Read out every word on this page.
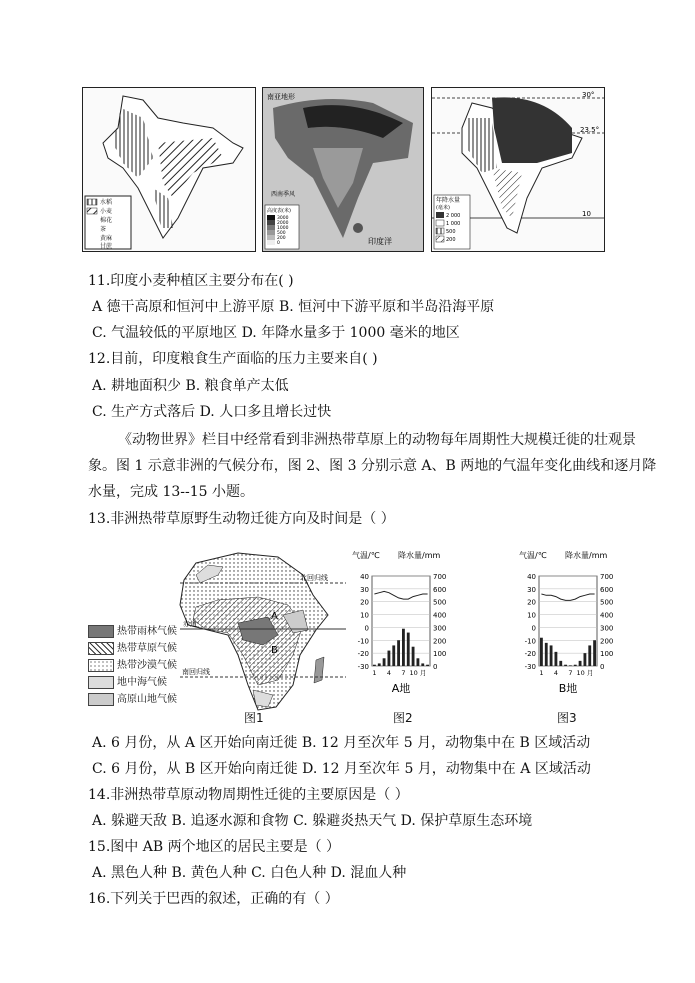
水稻
小麦
棉花
茶
黄麻
甘蔗
南亚地形
西南季风
印度洋
高度表(米)
3000
2000
1000
500
200
0
30°
23.5°
10
年降水量
(毫米)
2 000
1 000
500
200
11.印度小麦种植区主要分布在( )
A 德干高原和恒河中上游平原 B. 恒河中下游平原和半岛沿海平原
C. 气温较低的平原地区 D. 年降水量多于 1000 毫米的地区
12.目前，印度粮食生产面临的压力主要来自( )
A. 耕地面积少 B. 粮食单产太低
C. 生产方式落后 D. 人口多且增长过快
《动物世界》栏目中经常看到非洲热带草原上的动物每年周期性大规模迁徙的壮观景
象。图 1 示意非洲的气候分布，图 2、图 3 分别示意 A、B 两地的气温年变化曲线和逐月降
水量，完成 13--15 小题。
13.非洲热带草原野生动物迁徙方向及时间是（ ）
北回归线
赤道
南回归线
A
B
热带雨林气候
热带草原气候
热带沙漠气候
地中海气候
高原山地气候
图1
气温/℃ 降水量/mm
40	700
30	600
20	500
10	400
0	300
-10	200
-20	100
-30	0
1 4 7 10 月
A地
气温/℃ 降水量/mm
40	700
30	600
20	500
10	400
0	300
-10	200
-20	100
-30	0
1 4 7 10 月
B地
图2	图3
A. 6 月份，从 A 区开始向南迁徙 B. 12 月至次年 5 月，动物集中在 B 区域活动
C. 6 月份，从 B 区开始向南迁徙 D. 12 月至次年 5 月，动物集中在 A 区域活动
14.非洲热带草原动物周期性迁徙的主要原因是（ ）
A. 躲避天敌 B. 追逐水源和食物 C. 躲避炎热天气 D. 保护草原生态环境
15.图中 AB 两个地区的居民主要是（ ）
A. 黑色人种 B. 黄色人种 C. 白色人种 D. 混血人种
16.下列关于巴西的叙述，正确的有（ ）
